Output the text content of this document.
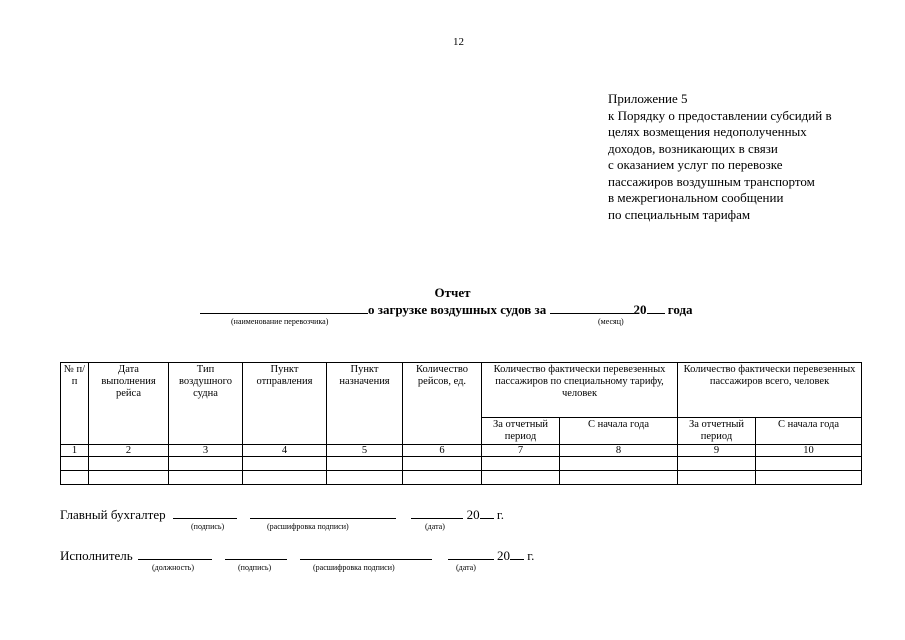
12
Приложение 5
к Порядку о предоставлении субсидий в
целях возмещения недополученных
доходов, возникающих в связи
с оказанием услуг по перевозке
пассажиров воздушным транспортом
в межрегиональном сообщении
по специальным тарифам
Отчет
о загрузке воздушных судов за	20 года
(наименование перевозчика)	(месяц)
№ п/п	Дата выполнения рейса	Тип воздушного судна	Пункт отправления	Пункт назначения	Количество рейсов, ед.	Количество фактически перевезенных пассажиров по специальному тарифу, человек		Количество фактически перевезенных пассажиров всего, человек	
						За отчетный период	С начала года	За отчетный период	С начала года
1	2	3	4	5	6	7	8	9	10

Главный бухгалтер	20 г.
(подпись)	(расшифровка подписи)	(дата)
Исполнитель	20 г.
(должность)	(подпись)	(расшифровка подписи)	(дата)
